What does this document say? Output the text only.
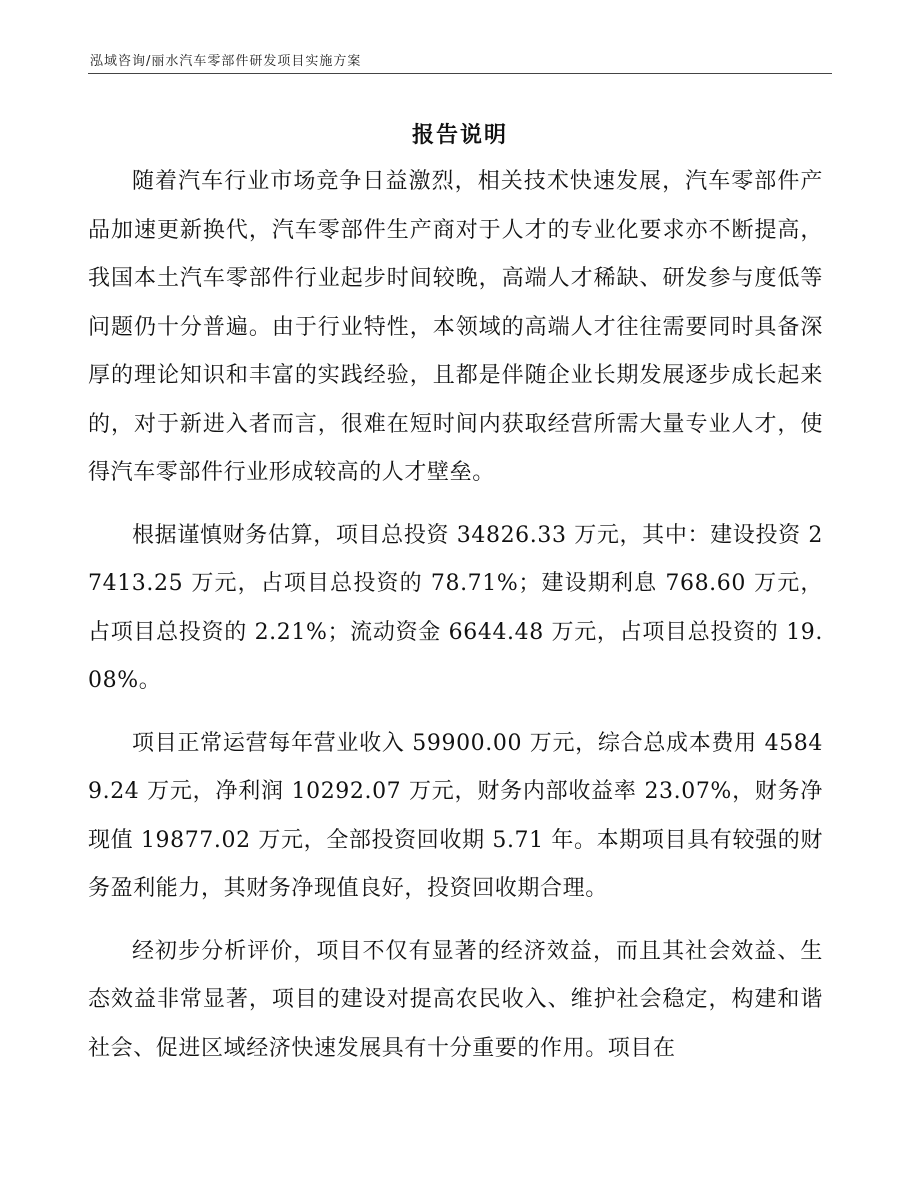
泓域咨询/丽水汽车零部件研发项目实施方案
报告说明

随着汽车行业市场竞争日益激烈，相关技术快速发展，汽车零部件产品加速更新换代，汽车零部件生产商对于人才的专业化要求亦不断提高，我国本土汽车零部件行业起步时间较晚，高端人才稀缺、研发参与度低等问题仍十分普遍。由于行业特性，本领域的高端人才往往需要同时具备深厚的理论知识和丰富的实践经验，且都是伴随企业长期发展逐步成长起来的，对于新进入者而言，很难在短时间内获取经营所需大量专业人才，使得汽车零部件行业形成较高的人才壁垒。

根据谨慎财务估算，项目总投资 34826.33 万元，其中：建设投资 27413.25 万元，占项目总投资的 78.71%；建设期利息 768.60 万元，占项目总投资的 2.21%；流动资金 6644.48 万元，占项目总投资的 19.08%。

项目正常运营每年营业收入 59900.00 万元，综合总成本费用 45849.24 万元，净利润 10292.07 万元，财务内部收益率 23.07%，财务净现值 19877.02 万元，全部投资回收期 5.71 年。本期项目具有较强的财务盈利能力，其财务净现值良好，投资回收期合理。

经初步分析评价，项目不仅有显著的经济效益，而且其社会效益、生态效益非常显著，项目的建设对提高农民收入、维护社会稳定，构建和谐社会、促进区域经济快速发展具有十分重要的作用。项目在
